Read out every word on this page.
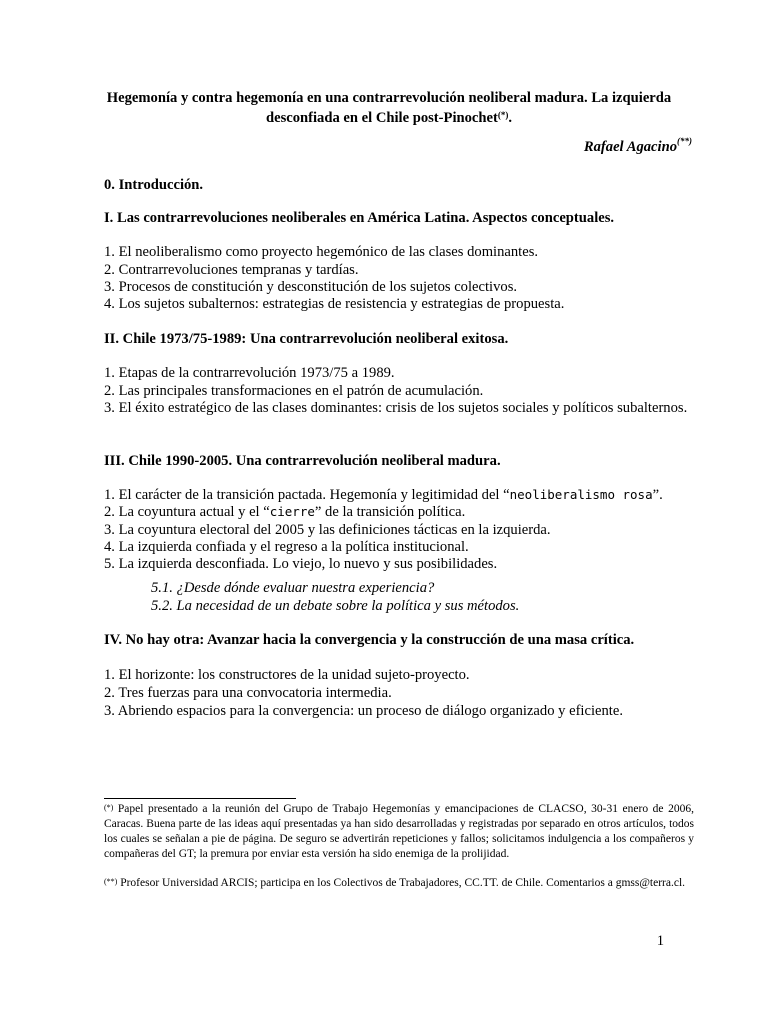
Hegemonía y contra hegemonía en una contrarrevolución neoliberal madura. La izquierda
desconfiada en el Chile post-Pinochet(*).
Rafael Agacino(**)
0. Introducción.
I. Las contrarrevoluciones neoliberales en América Latina. Aspectos conceptuales.
1. El neoliberalismo como proyecto hegemónico de las clases dominantes.
2. Contrarrevoluciones tempranas y tardías.
3. Procesos de constitución y desconstitución de los sujetos colectivos.
4. Los sujetos subalternos: estrategias de resistencia y estrategias de propuesta.
II. Chile 1973/75-1989: Una contrarrevolución neoliberal exitosa.
1. Etapas de la contrarrevolución 1973/75 a 1989.
2. Las principales transformaciones en el patrón de acumulación.
3. El éxito estratégico de las clases dominantes: crisis de los sujetos sociales y políticos subalternos.
III. Chile 1990-2005. Una contrarrevolución neoliberal madura.
1. El carácter de la transición pactada. Hegemonía y legitimidad del “neoliberalismo rosa”.
2. La coyuntura actual y el “cierre” de la transición política.
3. La coyuntura electoral del 2005 y las definiciones tácticas en la izquierda.
4. La izquierda confiada y el regreso a la política institucional.
5. La izquierda desconfiada. Lo viejo, lo nuevo y sus posibilidades.
5.1. ¿Desde dónde evaluar nuestra experiencia?
5.2. La necesidad de un debate sobre la política y sus métodos.
IV. No hay otra: Avanzar hacia la convergencia y la construcción de una masa crítica.
1. El horizonte: los constructores de la unidad sujeto-proyecto.
2. Tres fuerzas para una convocatoria intermedia.
3. Abriendo espacios para la convergencia: un proceso de diálogo organizado y eficiente.
(*) Papel presentado a la reunión del Grupo de Trabajo Hegemonías y emancipaciones de CLACSO, 30-31 enero de 2006, Caracas. Buena parte de las ideas aquí presentadas ya han sido desarrolladas y registradas por separado en otros artículos, todos los cuales se señalan a pie de página. De seguro se advertirán repeticiones y fallos; solicitamos indulgencia a los compañeros y compañeras del GT; la premura por enviar esta versión ha sido enemiga de la prolijidad.
(**) Profesor Universidad ARCIS; participa en los Colectivos de Trabajadores, CC.TT. de Chile. Comentarios a gmss@terra.cl.
1
